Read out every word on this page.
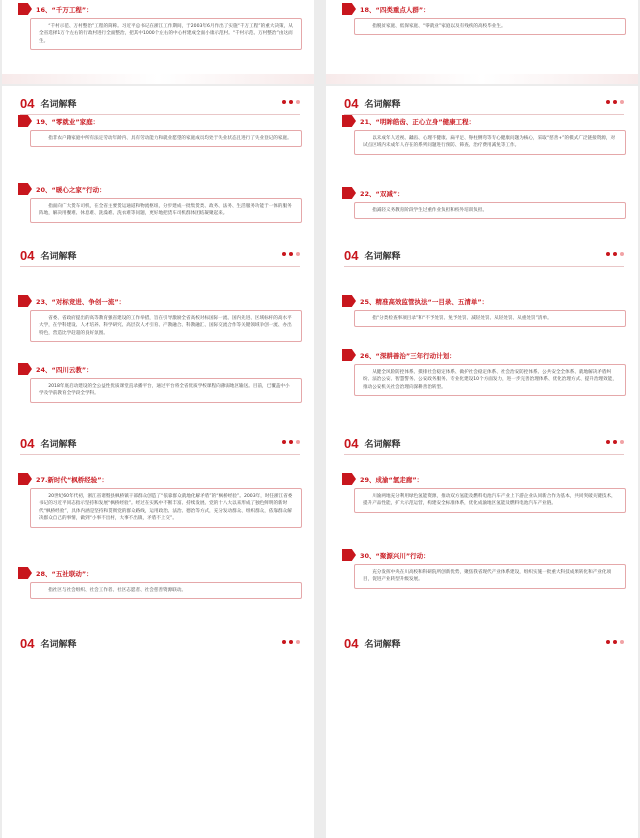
16、“千万工程”：

“千村示范、万村整治”工程的简称。习近平总书记在浙江工作期间，于2003年6月作出了实施“千万工程”的重大决策，从全省选择1万个左右的行政村进行全面整治，把其中1000个左右的中心村建成全面小康示范村。“千村示范、万村整治”由这而生。

18、“四类重点人群”：

指脱贫家庭、低保家庭、“零就业”家庭以及有残疾的高校毕业生。

04 名词解释
19、“零就业”家庭：

指非农户籍家庭中所有法定劳动年龄内、具有劳动能力和就业愿望的家庭成员均处于失业状态且进行了失业登记的家庭。

20、“暖心之家”行动：

指面向广大货车司机，在全省主要货运通道和物流枢纽，分步建成一批集货类、政务、法务、生活服务功能于一体的服务阵地，解决用餐难、休息难、洗澡难、洗衣难等问题，更好地把货车司机群体团结凝聚起来。

04 名词解释
21、“明眸皓齿、正心立身”健康工程：

以未成年人近视、龋齿、心理不健康、扁平足、脊柱侧弯等专心健康问题为核心，采取“慈善+”的模式广泛链接资源，对试点区域内未成年人存在的系列问题进行预防、筛查、治疗费用减免等工作。

22、“双减”：

指减轻义务教育阶段学生过重作业负担和校外培训负担。

04 名词解释
23、“对标竞进、争创一流”：

省委、省政府提出的高等教育强省建设的工作举措，旨在引导激励全省高校对标国际一流、国内先进、区域标杆的高水平大学，在学科建设、人才培养、科学研究、高层次人才引育、产教融合、科教融汇、国际交流合作等关键领域争创一流、办出特色，营造比学赶超的良好氛围。

24、“四川云教”：

2018年底启动建设的全公益性优质课堂直录播平台，通过平台将全省优质学校课程向薄弱地区输送。目前，已覆盖中小学及学前教育全学段全学科。

04 名词解释
25、精准高效监管执法“一目录、五清单”：

指“分类检查事项目录”和“不予处罚、免予处罚、减轻处罚、从轻处罚、从重处罚”清单。

26、“深耕善治”三年行动计划：

从健全风险防控体系、摸排社会稳定体系、做护社会稳定体系、社会治安防控体系、公共安全全体系、就地解决矛盾纠纷、法治公安、智慧警务、公安政务服务、专业化建设10个方面发力，进一步完善治理体系、优化治理方式、提升治理效能，推动公安机关社会治理向深耕善治转型。

04 名词解释
27.新时代“枫桥经验”：

20世纪60年代初，浙江省诸暨县枫桥镇干部群众创造了“依靠群众就地化解矛盾”的“枫桥经验”。2003年，时任浙江省委书记的习近平同志指示坚持和发展“枫桥经验”。经过在实践中不断丰富、持续发展、党的十八大以来形成了独色鲜明的新时代“枫桥经验”，具体内涵是坚持和贯彻党的群众路线，运用政治、法治、德治等方式，充分发动群众、组织群众，依靠群众解决群众自己的事情，做到“小事不出村，大事不出镇，矛盾不上交”。

28、“五社联动”：

指社区与社会组织、社会工作者、社区志愿者、社会慈善资源联动。

04 名词解释
29、成渝“氢走廊”：

川渝两地充分利用绿色氢能资源，推动双方氢能及燃料电池汽车产业上下游企业认同新合作为基本，共同突破关键技术，提升产品性能，扩大示范运营，构建安全标准体系，优化成渝地区氢能及燃料电池汽车产业链。

30、“聚源兴川”行动：

充分发挥中央在川高校和科研院所创新优势，聚焦我省现代产业体系建设，组织实施一批重大科技成果转化和产业化项目，促进产业转型升级发展。

04 名词解释	04 名词解释
